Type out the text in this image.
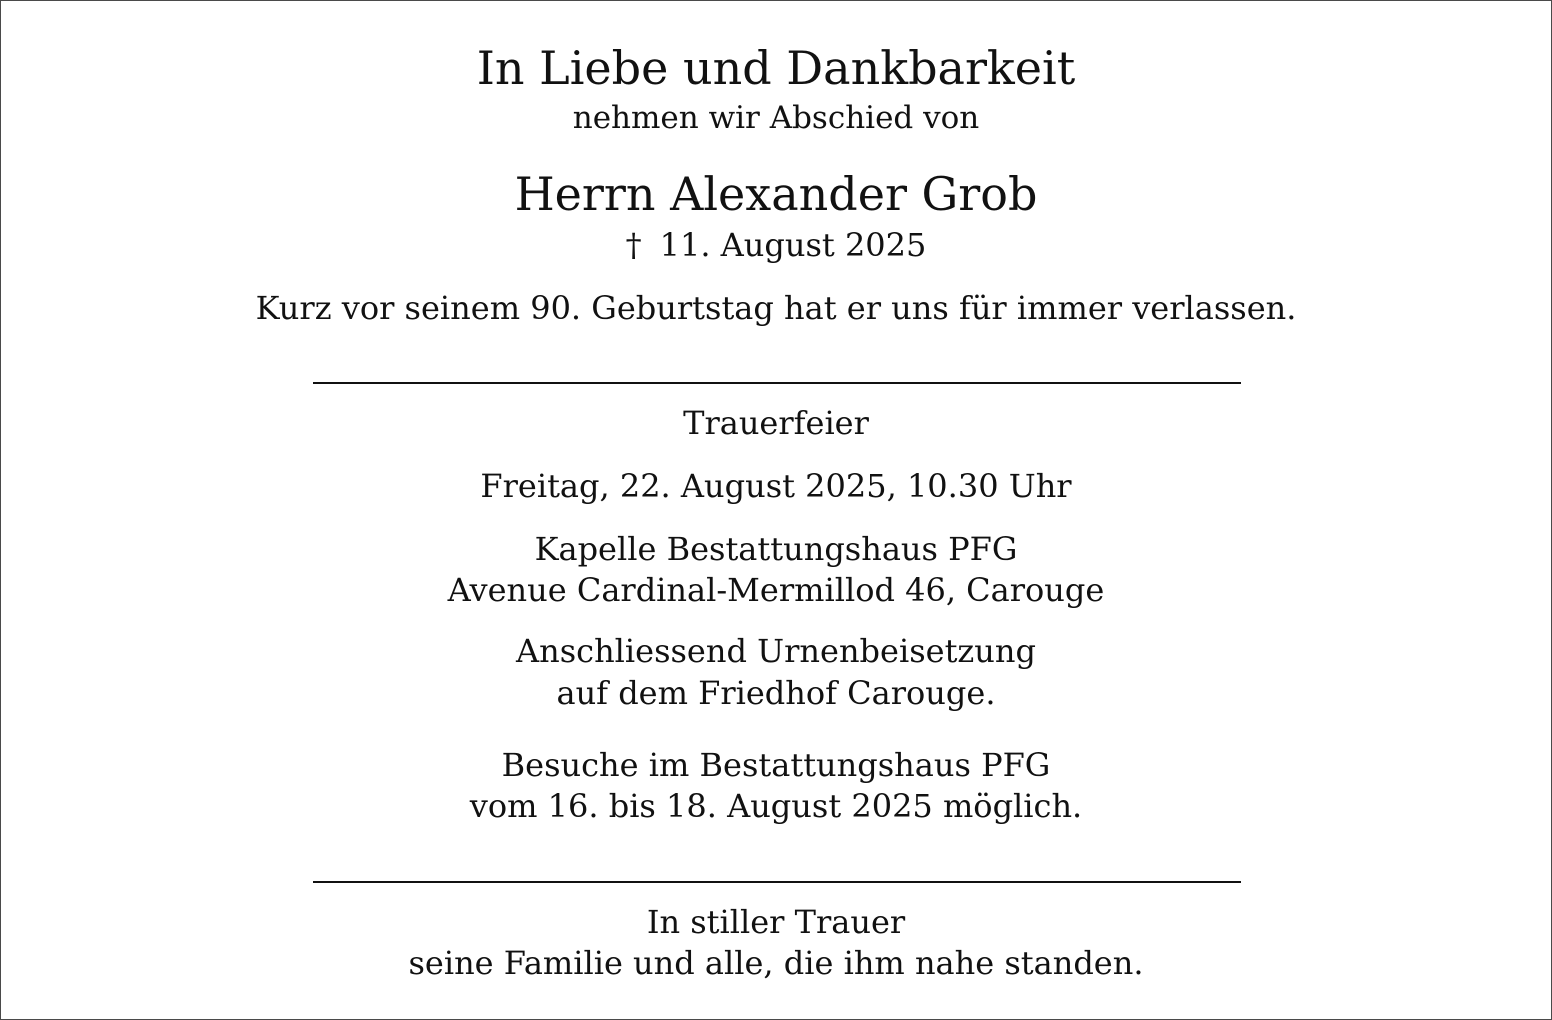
In Liebe und Dankbarkeit
nehmen wir Abschied von
Herrn Alexander Grob
† 11. August 2025
Kurz vor seinem 90. Geburtstag hat er uns für immer verlassen.
Trauerfeier
Freitag, 22. August 2025, 10.30 Uhr
Kapelle Bestattungshaus PFG
Avenue Cardinal-Mermillod 46, Carouge
Anschliessend Urnenbeisetzung
auf dem Friedhof Carouge.
Besuche im Bestattungshaus PFG
vom 16. bis 18. August 2025 möglich.
In stiller Trauer
seine Familie und alle, die ihm nahe standen.
